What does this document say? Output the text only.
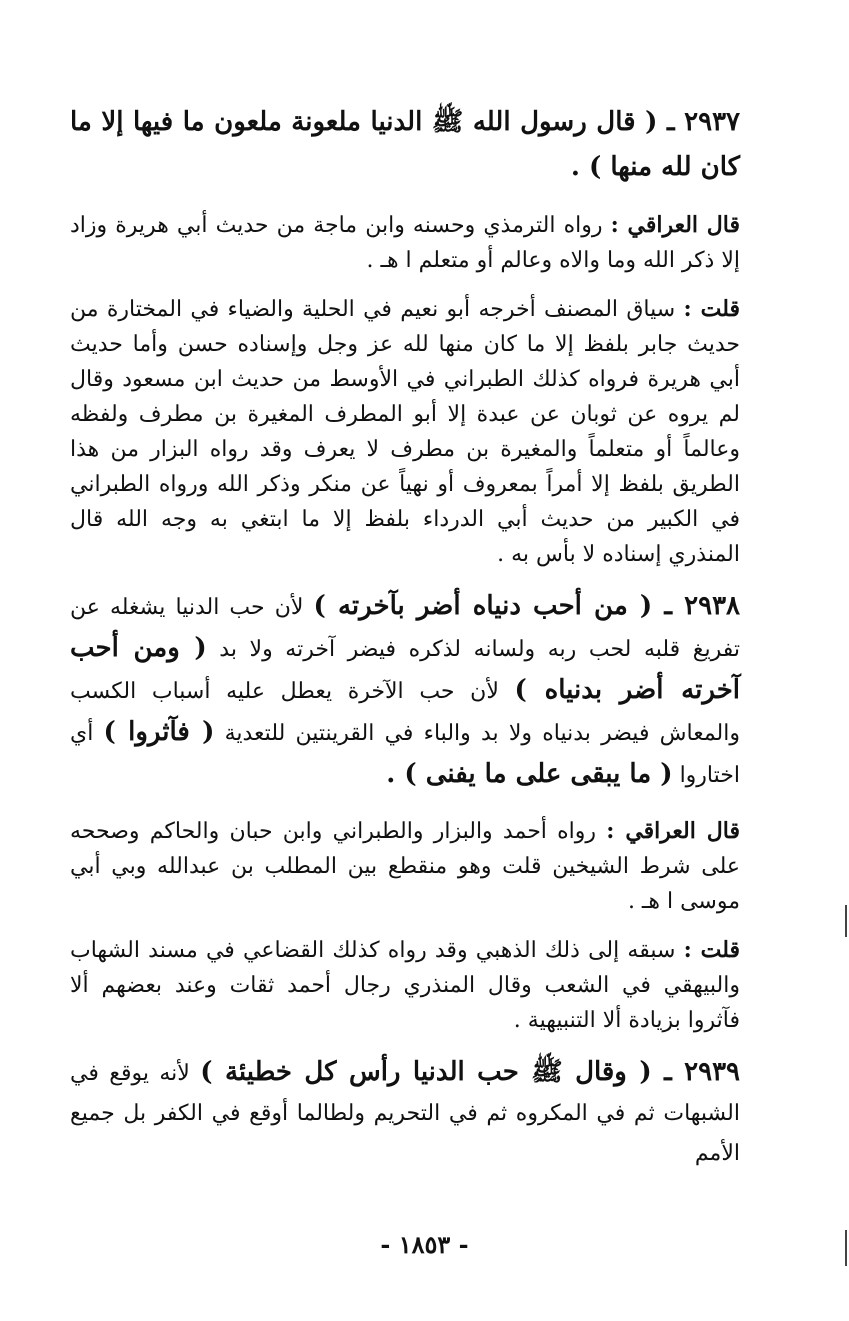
٢٩٣٧ ـ ( قال رسول الله ﷺ الدنيا ملعونة ملعون ما فيها إلا ما كان لله منها ) .

قال العراقي : رواه الترمذي وحسنه وابن ماجة من حديث أبي هريرة وزاد إلا ذكر الله وما والاه وعالم أو متعلم ا هـ .

قلت : سياق المصنف أخرجه أبو نعيم في الحلية والضياء في المختارة من حديث جابر بلفظ إلا ما كان منها لله عز وجل وإسناده حسن وأما حديث أبي هريرة فرواه كذلك الطبراني في الأوسط من حديث ابن مسعود وقال لم يروه عن ثوبان عن عبدة إلا أبو المطرف المغيرة بن مطرف ولفظه وعالماً أو متعلماً والمغيرة بن مطرف لا يعرف وقد رواه البزار من هذا الطريق بلفظ إلا أمراً بمعروف أو نهياً عن منكر وذكر الله ورواه الطبراني في الكبير من حديث أبي الدرداء بلفظ إلا ما ابتغي به وجه الله قال المنذري إسناده لا بأس به .

٢٩٣٨ ـ ( من أحب دنياه أضر بآخرته ) لأن حب الدنيا يشغله عن تفريغ قلبه لحب ربه ولسانه لذكره فيضر آخرته ولا بد ( ومن أحب آخرته أضر بدنياه ) لأن حب الآخرة يعطل عليه أسباب الكسب والمعاش فيضر بدنياه ولا بد والباء في القرينتين للتعدية ( فآثروا ) أي اختاروا ( ما يبقى على ما يفنى ) .

قال العراقي : رواه أحمد والبزار والطبراني وابن حبان والحاكم وصححه على شرط الشيخين قلت وهو منقطع بين المطلب بن عبدالله وبي أبي موسى ا هـ .

قلت : سبقه إلى ذلك الذهبي وقد رواه كذلك القضاعي في مسند الشهاب والبيهقي في الشعب وقال المنذري رجال أحمد ثقات وعند بعضهم ألا فآثروا بزيادة ألا التنبيهية .

٢٩٣٩ ـ ( وقال ﷺ حب الدنيا رأس كل خطيئة ) لأنه يوقع في الشبهات ثم في المكروه ثم في التحريم ولطالما أوقع في الكفر بل جميع الأمم

- ١٨٥٣ -
